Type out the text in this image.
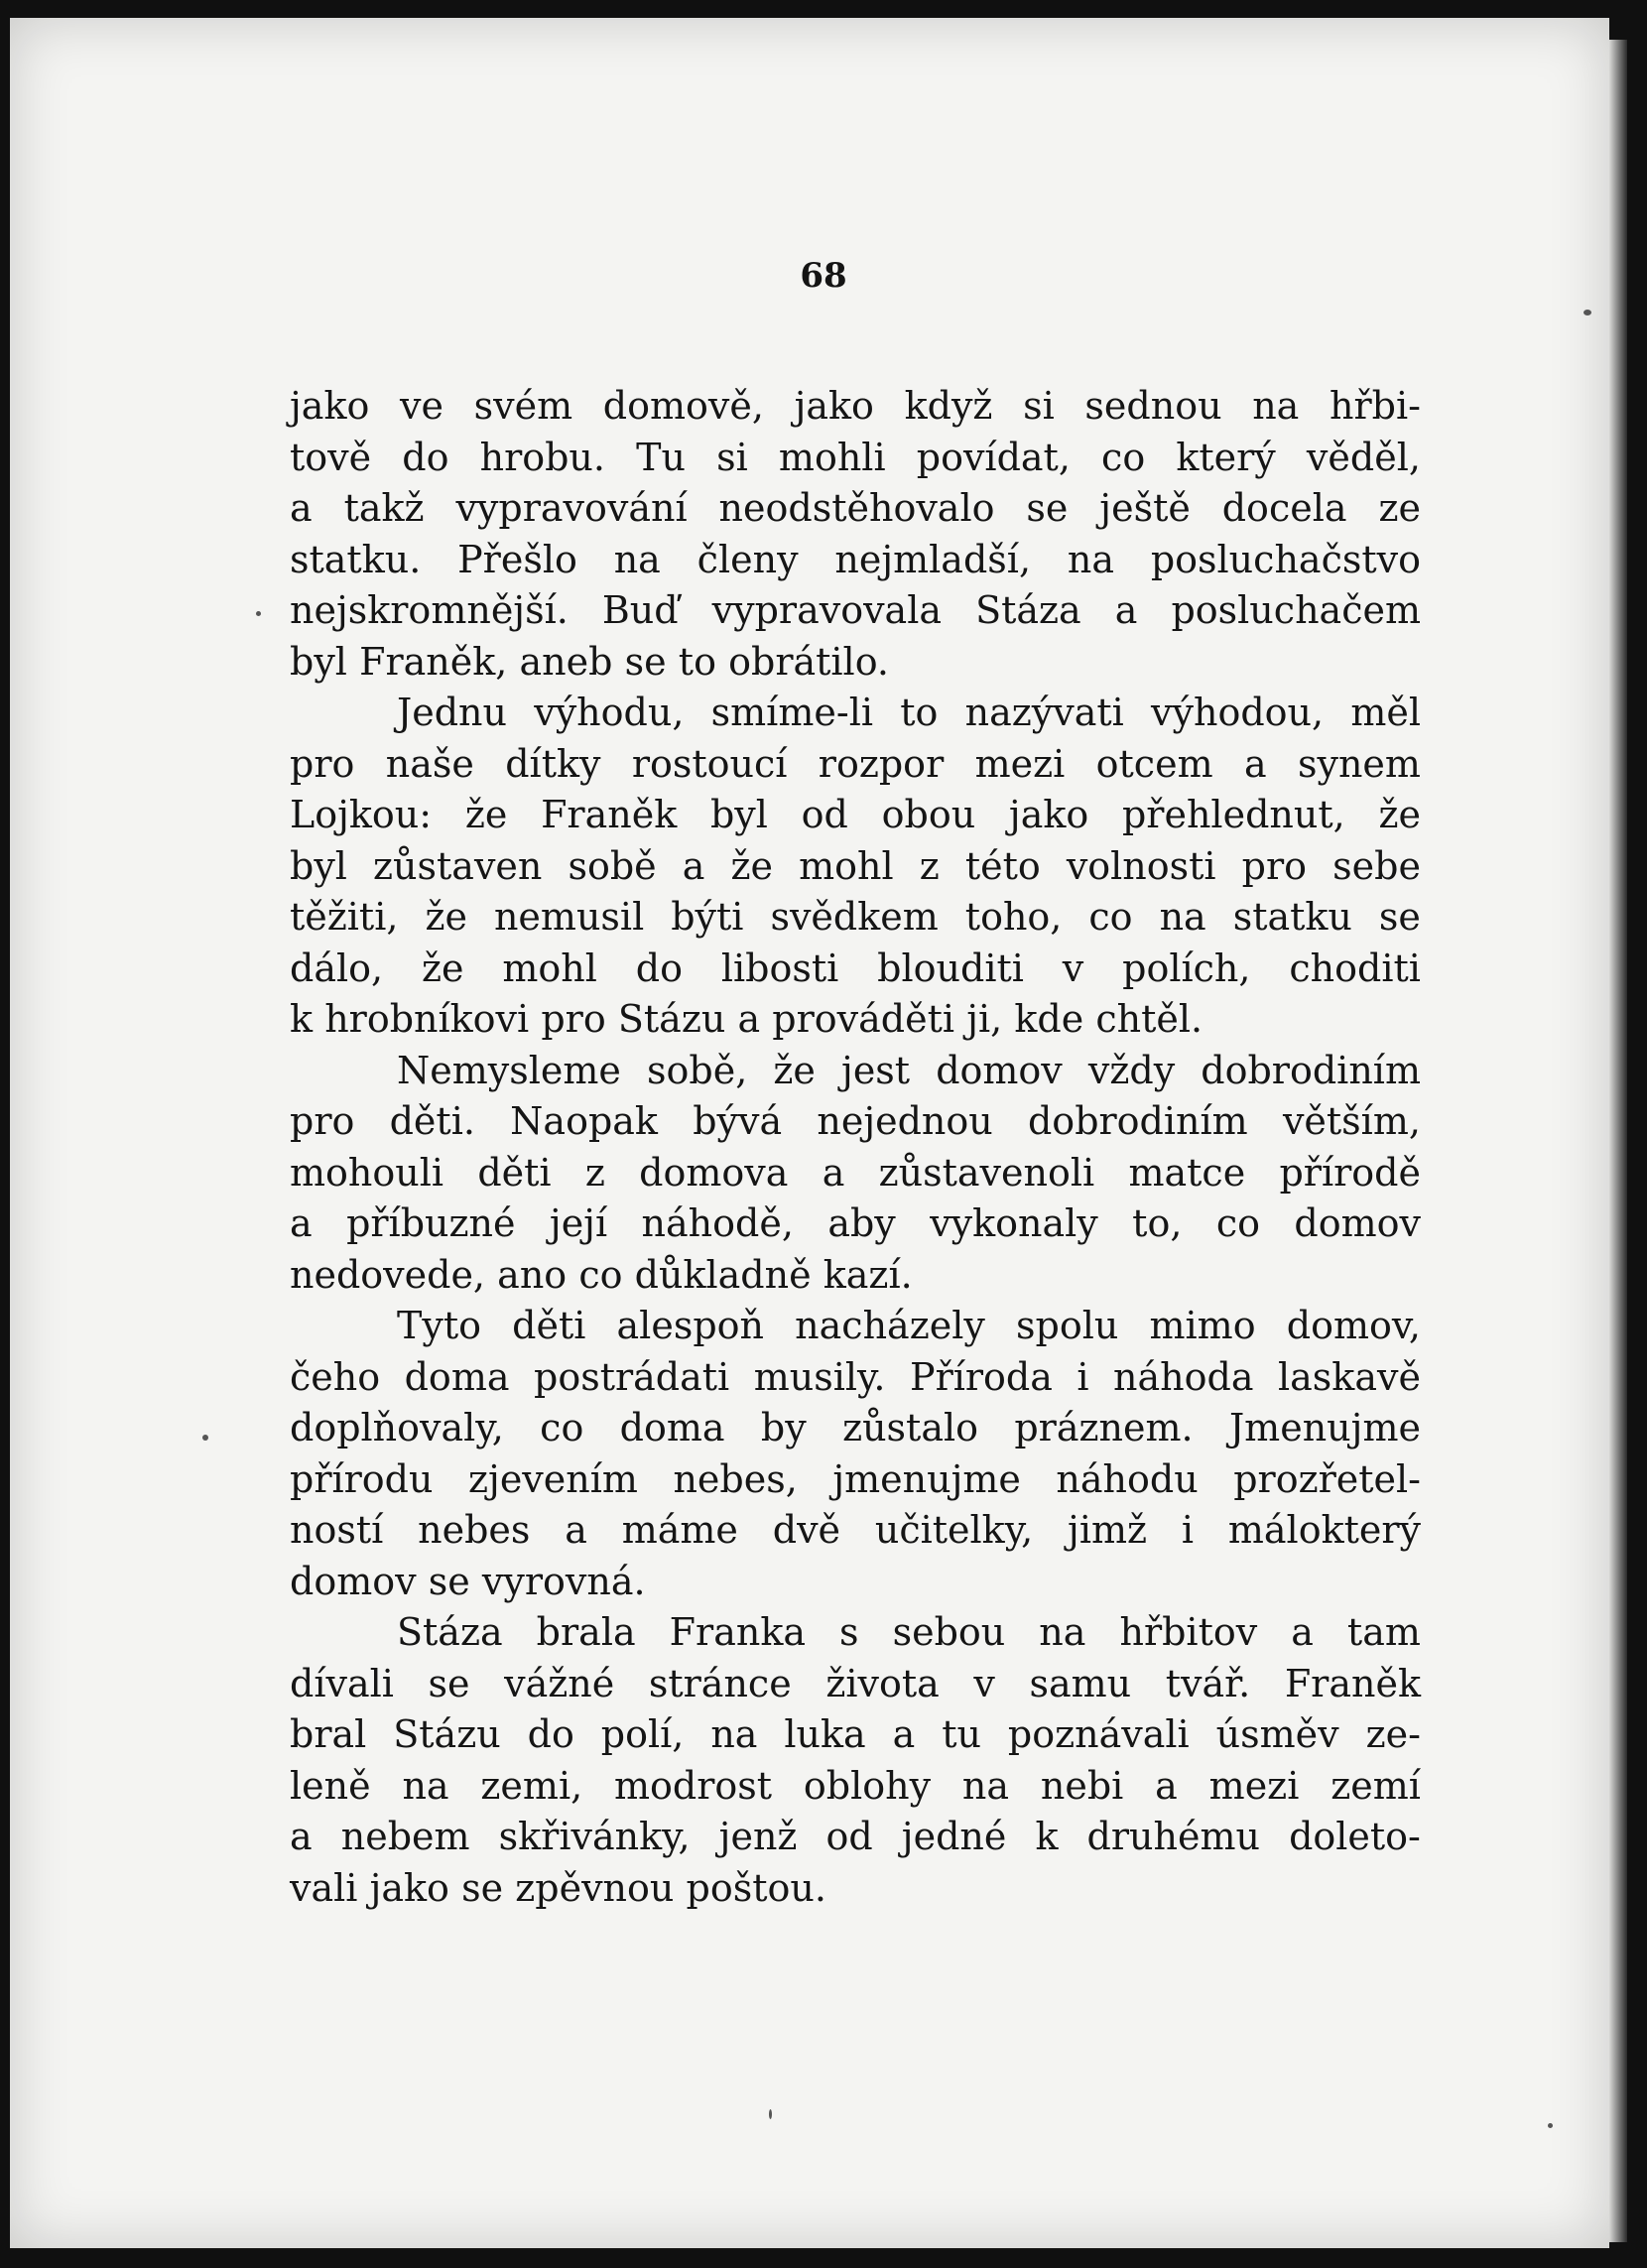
68
jako ve svém domově, jako když si sednou na hřbi-
tově do hrobu. Tu si mohli povídat, co který věděl,
a takž vypravování neodstěhovalo se ještě docela ze
statku. Přešlo na členy nejmladší, na posluchačstvo
nejskromnější. Buď vypravovala Stáza a posluchačem
byl Franěk, aneb se to obrátilo.
Jednu výhodu, smíme-li to nazývati výhodou, měl
pro naše dítky rostoucí rozpor mezi otcem a synem
Lojkou: že Franěk byl od obou jako přehlednut, že
byl zůstaven sobě a že mohl z této volnosti pro sebe
těžiti, že nemusil býti svědkem toho, co na statku se
dálo, že mohl do libosti blouditi v polích, choditi
k hrobníkovi pro Stázu a prováděti ji, kde chtěl.
Nemysleme sobě, že jest domov vždy dobrodiním
pro děti. Naopak bývá nejednou dobrodiním větším,
mohouli děti z domova a zůstavenoli matce přírodě
a příbuzné její náhodě, aby vykonaly to, co domov
nedovede, ano co důkladně kazí.
Tyto děti alespoň nacházely spolu mimo domov,
čeho doma postrádati musily. Příroda i náhoda laskavě
doplňovaly, co doma by zůstalo práznem. Jmenujme
přírodu zjevením nebes, jmenujme náhodu prozřetel-
ností nebes a máme dvě učitelky, jimž i málokterý
domov se vyrovná.
Stáza brala Franka s sebou na hřbitov a tam
dívali se vážné stránce života v samu tvář. Franěk
bral Stázu do polí, na luka a tu poznávali úsměv ze-
leně na zemi, modrost oblohy na nebi a mezi zemí
a nebem skřivánky, jenž od jedné k druhému doleto-
vali jako se zpěvnou poštou.
